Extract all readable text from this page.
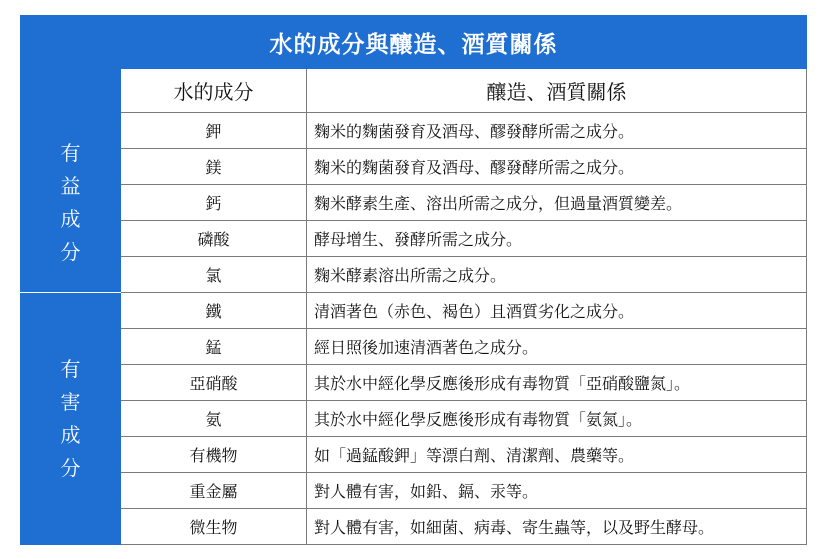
水的成分與釀造、酒質關係		
	水的成分	釀造、酒質關係
有益成分	鉀	麴米的麴菌發育及酒母、醪發酵所需之成分。
	鎂	麴米的麴菌發育及酒母、醪發酵所需之成分。
	鈣	麴米酵素生產、溶出所需之成分，但過量酒質變差。
	磷酸	酵母增生、發酵所需之成分。
	氯	麴米酵素溶出所需之成分。
有害成分	鐵	清酒著色（赤色、褐色）且酒質劣化之成分。
	錳	經日照後加速清酒著色之成分。
	亞硝酸	其於水中經化學反應後形成有毒物質「亞硝酸鹽氮」。
	氨	其於水中經化學反應後形成有毒物質「氨氮」。
	有機物	如「過錳酸鉀」等漂白劑、清潔劑、農藥等。
	重金屬	對人體有害，如鉛、鎘、汞等。
	微生物	對人體有害，如細菌、病毒、寄生蟲等，以及野生酵母。
